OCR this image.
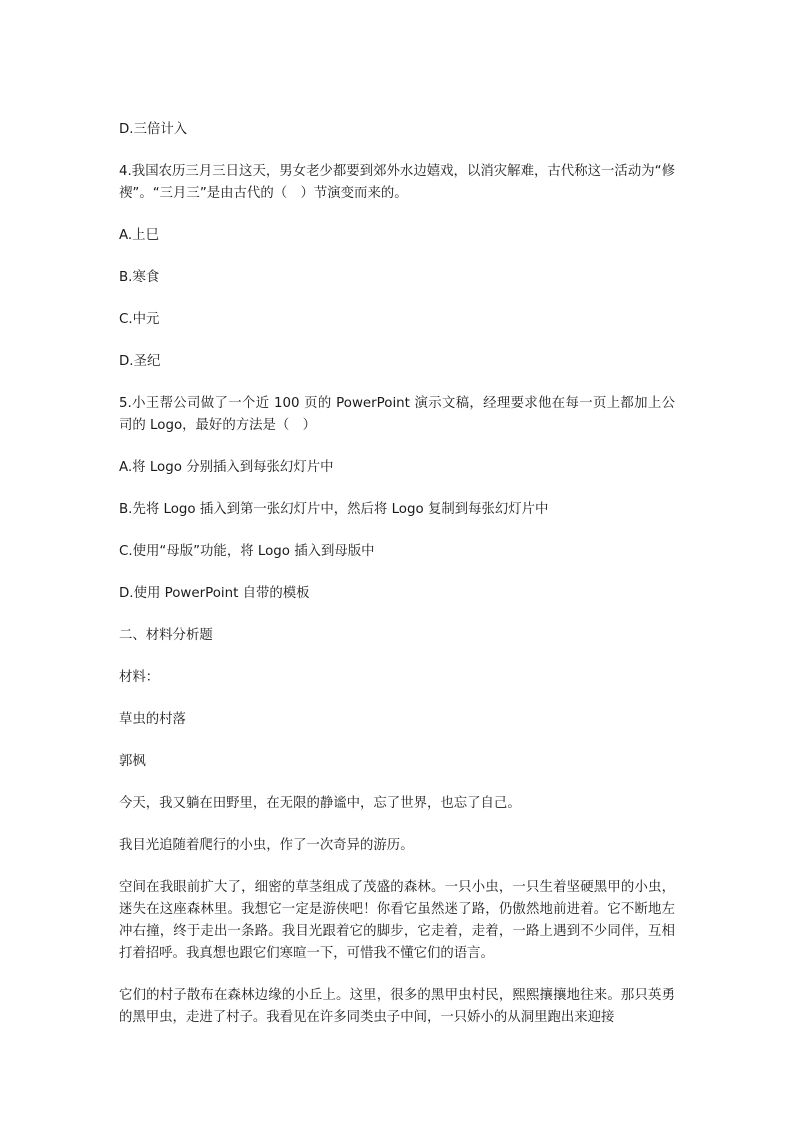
D.三倍计入

4.我国农历三月三日这天，男女老少都要到郊外水边嬉戏，以消灾解难，古代称这一活动为“修禊”。“三月三”是由古代的（　）节演变而来的。

A.上巳

B.寒食

C.中元

D.圣纪

5.小王帮公司做了一个近 100 页的 PowerPoint 演示文稿，经理要求他在每一页上都加上公司的 Logo，最好的方法是（　）

A.将 Logo 分别插入到每张幻灯片中

B.先将 Logo 插入到第一张幻灯片中，然后将 Logo 复制到每张幻灯片中

C.使用“母版”功能，将 Logo 插入到母版中

D.使用 PowerPoint 自带的模板

二、材料分析题

材料：

草虫的村落

郭枫

今天，我又躺在田野里，在无限的静谧中，忘了世界，也忘了自己。

我目光追随着爬行的小虫，作了一次奇异的游历。

空间在我眼前扩大了，细密的草茎组成了茂盛的森林。一只小虫，一只生着坚硬黑甲的小虫，迷失在这座森林里。我想它一定是游侠吧！你看它虽然迷了路，仍傲然地前进着。它不断地左冲右撞，终于走出一条路。我目光跟着它的脚步，它走着，走着，一路上遇到不少同伴，互相打着招呼。我真想也跟它们寒暄一下，可惜我不懂它们的语言。

它们的村子散布在森林边缘的小丘上。这里，很多的黑甲虫村民，熙熙攘攘地往来。那只英勇的黑甲虫，走进了村子。我看见在许多同类虫子中间，一只娇小的从洞里跑出来迎接
